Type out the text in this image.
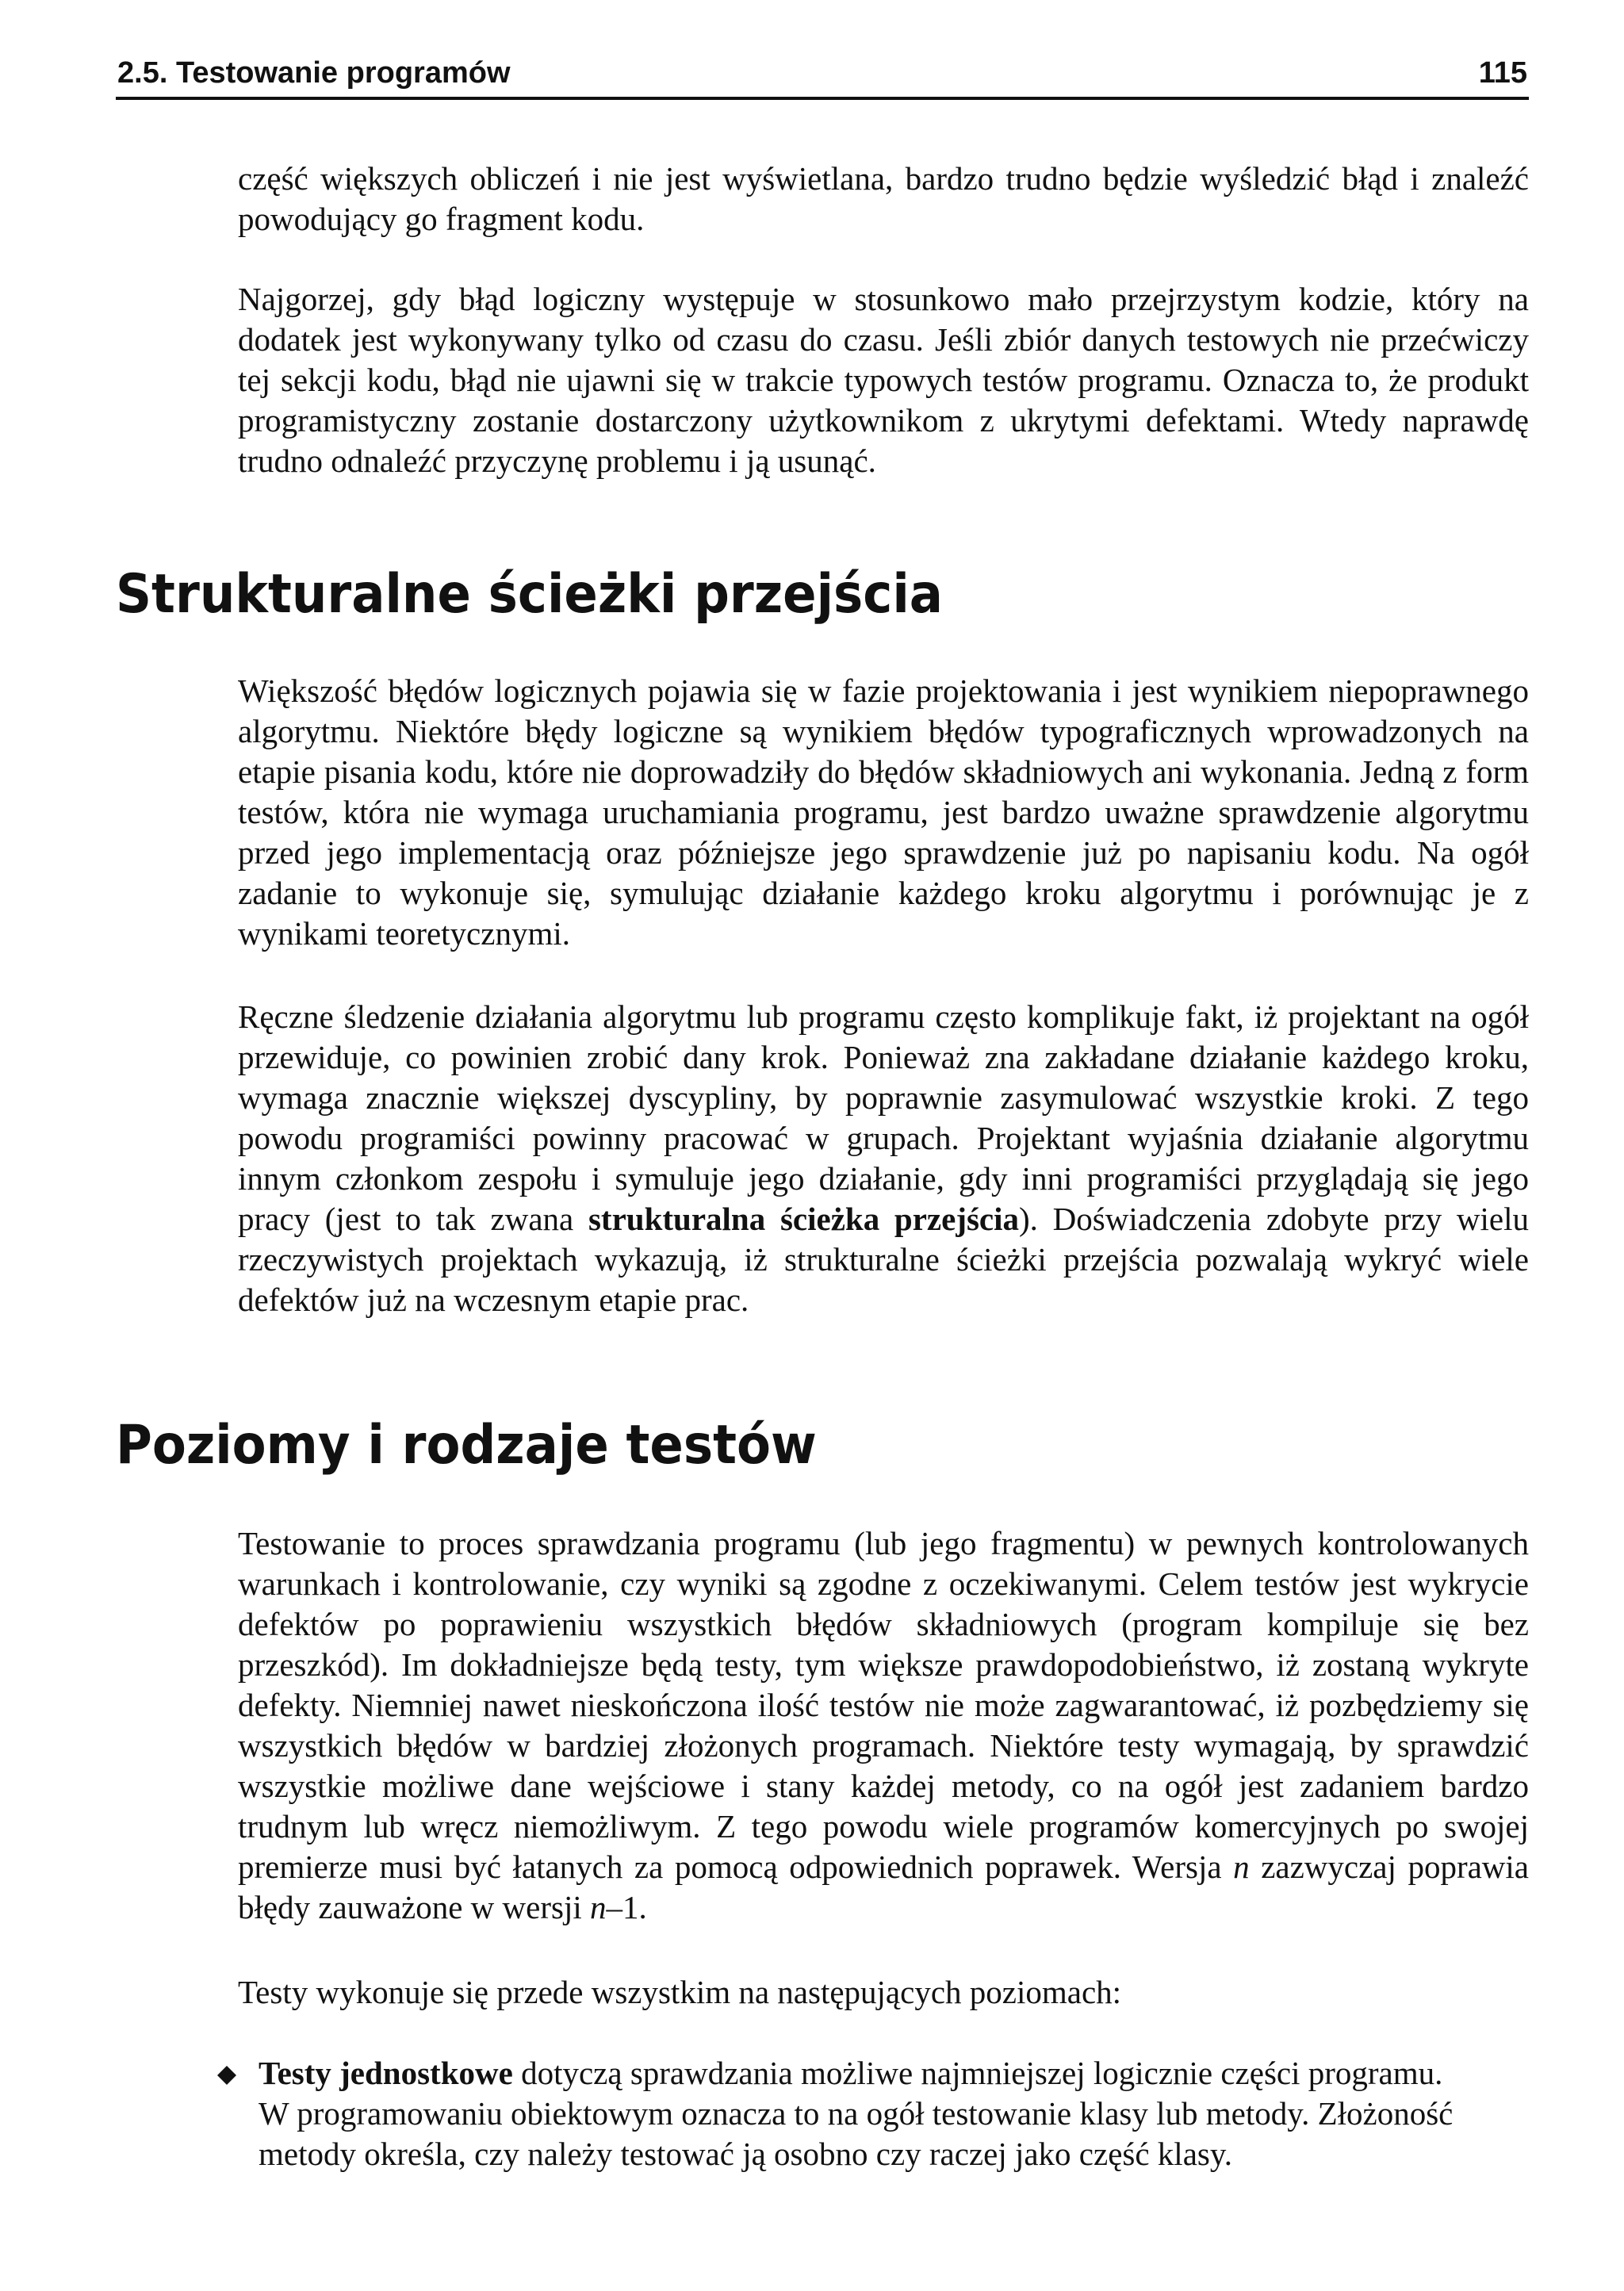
2.5. Testowanie programów	115

część większych obliczeń i nie jest wyświetlana, bardzo trudno będzie wyśledzić błąd i znaleźć powodujący go fragment kodu.

Najgorzej, gdy błąd logiczny występuje w stosunkowo mało przejrzystym kodzie, który na dodatek jest wykonywany tylko od czasu do czasu. Jeśli zbiór danych testowych nie przećwiczy tej sekcji kodu, błąd nie ujawni się w trakcie typowych testów programu. Oznacza to, że produkt programistyczny zostanie dostarczony użytkownikom z ukrytymi defektami. Wtedy naprawdę trudno odnaleźć przyczynę problemu i ją usunąć.

Strukturalne ścieżki przejścia

Większość błędów logicznych pojawia się w fazie projektowania i jest wynikiem niepoprawnego algorytmu. Niektóre błędy logiczne są wynikiem błędów typograficznych wprowadzonych na etapie pisania kodu, które nie doprowadziły do błędów składniowych ani wykonania. Jedną z form testów, która nie wymaga uruchamiania programu, jest bardzo uważne sprawdzenie algorytmu przed jego implementacją oraz późniejsze jego sprawdzenie już po napisaniu kodu. Na ogół zadanie to wykonuje się, symulując działanie każdego kroku algorytmu i porównując je z wynikami teoretycznymi.

Ręczne śledzenie działania algorytmu lub programu często komplikuje fakt, iż projektant na ogół przewiduje, co powinien zrobić dany krok. Ponieważ zna zakładane działanie każdego kroku, wymaga znacznie większej dyscypliny, by poprawnie zasymulować wszystkie kroki. Z tego powodu programiści powinny pracować w grupach. Projektant wyjaśnia działanie algorytmu innym członkom zespołu i symuluje jego działanie, gdy inni programiści przyglądają się jego pracy (jest to tak zwana strukturalna ścieżka przejścia). Doświadczenia zdobyte przy wielu rzeczywistych projektach wykazują, iż strukturalne ścieżki przejścia pozwalają wykryć wiele defektów już na wczesnym etapie prac.

Poziomy i rodzaje testów

Testowanie to proces sprawdzania programu (lub jego fragmentu) w pewnych kontrolowanych warunkach i kontrolowanie, czy wyniki są zgodne z oczekiwanymi. Celem testów jest wykrycie defektów po poprawieniu wszystkich błędów składniowych (program kompiluje się bez przeszkód). Im dokładniejsze będą testy, tym większe prawdopodobieństwo, iż zostaną wykryte defekty. Niemniej nawet nieskończona ilość testów nie może zagwarantować, iż pozbędziemy się wszystkich błędów w bardziej złożonych programach. Niektóre testy wymagają, by sprawdzić wszystkie możliwe dane wejściowe i stany każdej metody, co na ogół jest zadaniem bardzo trudnym lub wręcz niemożliwym. Z tego powodu wiele programów komercyjnych po swojej premierze musi być łatanych za pomocą odpowiednich poprawek. Wersja n zazwyczaj poprawia błędy zauważone w wersji n–1.

Testy wykonuje się przede wszystkim na następujących poziomach:

Testy jednostkowe dotyczą sprawdzania możliwe najmniejszej logicznie części programu. W programowaniu obiektowym oznacza to na ogół testowanie klasy lub metody. Złożoność metody określa, czy należy testować ją osobno czy raczej jako część klasy.
